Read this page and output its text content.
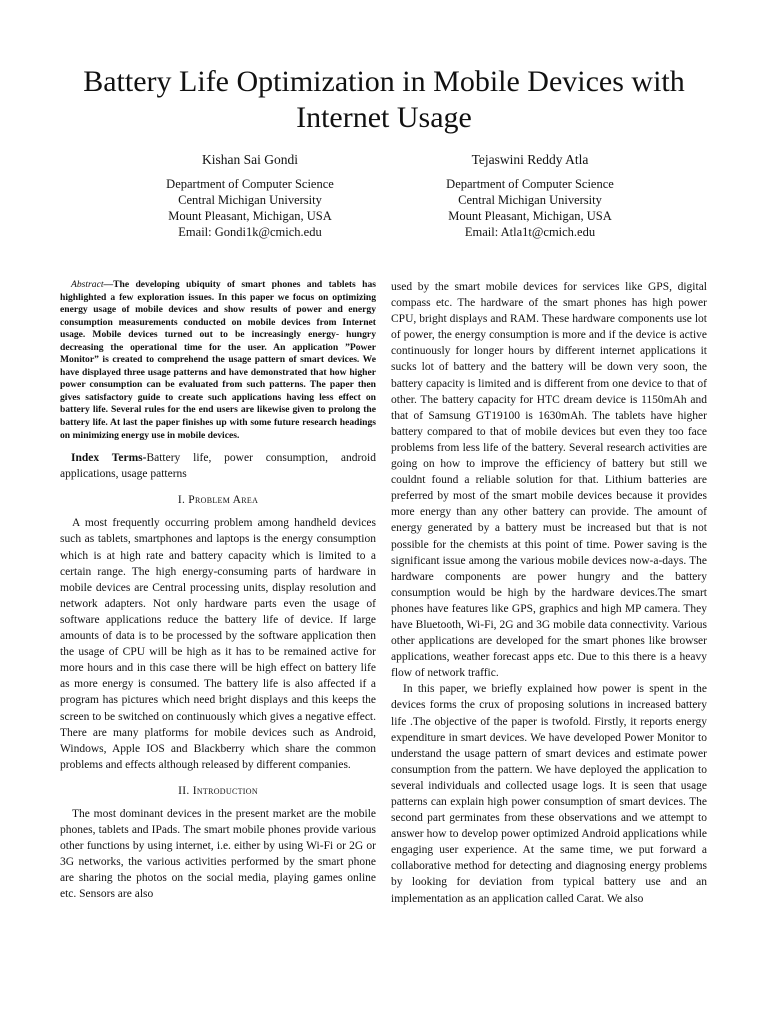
Battery Life Optimization in Mobile Devices with
Internet Usage
Kishan Sai Gondi
Department of Computer Science
Central Michigan University
Mount Pleasant, Michigan, USA
Email: Gondi1k@cmich.edu
Tejaswini Reddy Atla
Department of Computer Science
Central Michigan University
Mount Pleasant, Michigan, USA
Email: Atla1t@cmich.edu

Abstract—The developing ubiquity of smart phones and tablets has highlighted a few exploration issues. In this paper we focus on optimizing energy usage of mobile devices and show results of power and energy consumption measurements conducted on mobile devices from Internet usage. Mobile devices turned out to be increasingly energy- hungry decreasing the operational time for the user. An application ”Power Monitor” is created to comprehend the usage pattern of smart devices. We have displayed three usage patterns and have demonstrated that how higher power consumption can be evaluated from such patterns. The paper then gives satisfactory guide to create such applications having less effect on battery life. Several rules for the end users are likewise given to prolong the battery life. At last the paper finishes up with some future research headings on minimizing energy use in mobile devices.

Index Terms-Battery life, power consumption, android applications, usage patterns

I. Problem Area

A most frequently occurring problem among handheld devices such as tablets, smartphones and laptops is the energy consumption which is at high rate and battery capacity which is limited to a certain range. The high energy-consuming parts of hardware in mobile devices are Central processing units, display resolution and network adapters. Not only hardware parts even the usage of software applications reduce the battery life of device. If large amounts of data is to be processed by the software application then the usage of CPU will be high as it has to be remained active for more hours and in this case there will be high effect on battery life as more energy is consumed. The battery life is also affected if a program has pictures which need bright displays and this keeps the screen to be switched on continuously which gives a negative effect. There are many platforms for mobile devices such as Android, Windows, Apple IOS and Blackberry which share the common problems and effects although released by different companies.

II. Introduction

The most dominant devices in the present market are the mobile phones, tablets and IPads. The smart mobile phones provide various other functions by using internet, i.e. either by using Wi-Fi or 2G or 3G networks, the various activities performed by the smart phone are sharing the photos on the social media, playing games online etc. Sensors are also

used by the smart mobile devices for services like GPS, digital compass etc. The hardware of the smart phones has high power CPU, bright displays and RAM. These hardware components use lot of power, the energy consumption is more and if the device is active continuously for longer hours by different internet applications it sucks lot of battery and the battery will be down very soon, the battery capacity is limited and is different from one device to that of other. The battery capacity for HTC dream device is 1150mAh and that of Samsung GT19100 is 1630mAh. The tablets have higher battery compared to that of mobile devices but even they too face problems from less life of the battery. Several research activities are going on how to improve the efficiency of battery but still we couldnt found a reliable solution for that. Lithium batteries are preferred by most of the smart mobile devices because it provides more energy than any other battery can provide. The amount of energy generated by a battery must be increased but that is not possible for the chemists at this point of time. Power saving is the significant issue among the various mobile devices now-a-days. The hardware components are power hungry and the battery consumption would be high by the hardware devices.The smart phones have features like GPS, graphics and high MP camera. They have Bluetooth, Wi-Fi, 2G and 3G mobile data connectivity. Various other applications are developed for the smart phones like browser applications, weather forecast apps etc. Due to this there is a heavy flow of network traffic.

In this paper, we briefly explained how power is spent in the devices forms the crux of proposing solutions in increased battery life .The objective of the paper is twofold. Firstly, it reports energy expenditure in smart devices. We have developed Power Monitor to understand the usage pattern of smart devices and estimate power consumption from the pattern. We have deployed the application to several individuals and collected usage logs. It is seen that usage patterns can explain high power consumption of smart devices. The second part germinates from these observations and we attempt to answer how to develop power optimized Android applications while engaging user experience. At the same time, we put forward a collaborative method for detecting and diagnosing energy problems by looking for deviation from typical battery use and an implementation as an application called Carat. We also
